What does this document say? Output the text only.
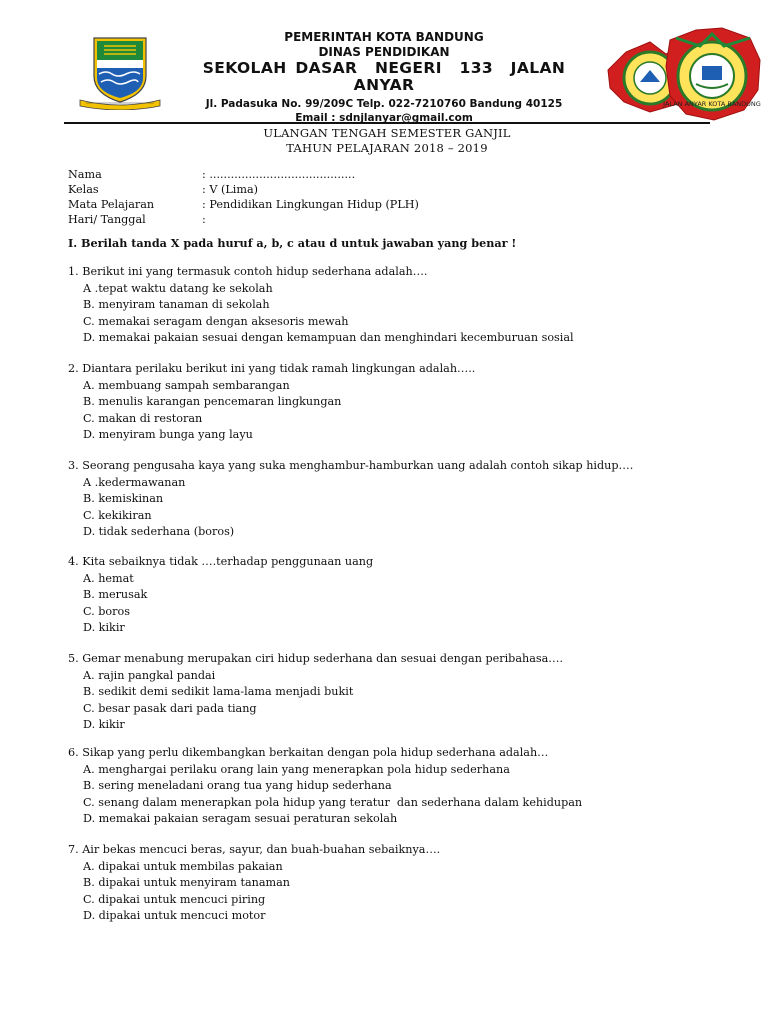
JALAN ANYAR KOTA BANDUNG
PEMERINTAH KOTA BANDUNG
DINAS PENDIDIKAN
SEKOLAH DASAR  NEGERI  133  JALAN
ANYAR
Jl. Padasuka No. 99/209C Telp. 022-7210760 Bandung 40125
Email : sdnjlanyar@gmail.com
ULANGAN TENGAH SEMESTER GANJIL
TAHUN PELAJARAN 2018 – 2019
Nama	: .........................................
Kelas	: V (Lima)
Mata Pelajaran	: Pendidikan Lingkungan Hidup (PLH)
Hari/ Tanggal	:
I. Berilah tanda X pada huruf a, b, c atau d untuk jawaban yang benar !
1. Berikut ini yang termasuk contoh hidup sederhana adalah….
A .tepat waktu datang ke sekolah
B. menyiram tanaman di sekolah
C. memakai seragam dengan aksesoris mewah
D. memakai pakaian sesuai dengan kemampuan dan menghindari kecemburuan sosial
2. Diantara perilaku berikut ini yang tidak ramah lingkungan adalah…..
A. membuang sampah sembarangan
B. menulis karangan pencemaran lingkungan
C. makan di restoran
D. menyiram bunga yang layu
3. Seorang pengusaha kaya yang suka menghambur-hamburkan uang adalah contoh sikap hidup….
A .kedermawanan
B. kemiskinan
C. kekikiran
D. tidak sederhana (boros)
4. Kita sebaiknya tidak ….terhadap penggunaan uang
A. hemat
B. merusak
C. boros
D. kikir
5. Gemar menabung merupakan ciri hidup sederhana dan sesuai dengan peribahasa….
A. rajin pangkal pandai
B. sedikit demi sedikit lama-lama menjadi bukit
C. besar pasak dari pada tiang
D. kikir
6. Sikap yang perlu dikembangkan berkaitan dengan pola hidup sederhana adalah…
A. menghargai perilaku orang lain yang menerapkan pola hidup sederhana
B. sering meneladani orang tua yang hidup sederhana
C. senang dalam menerapkan pola hidup yang teratur  dan sederhana dalam kehidupan
D. memakai pakaian seragam sesuai peraturan sekolah
7. Air bekas mencuci beras, sayur, dan buah-buahan sebaiknya….
A. dipakai untuk membilas pakaian
B. dipakai untuk menyiram tanaman
C. dipakai untuk mencuci piring
D. dipakai untuk mencuci motor
